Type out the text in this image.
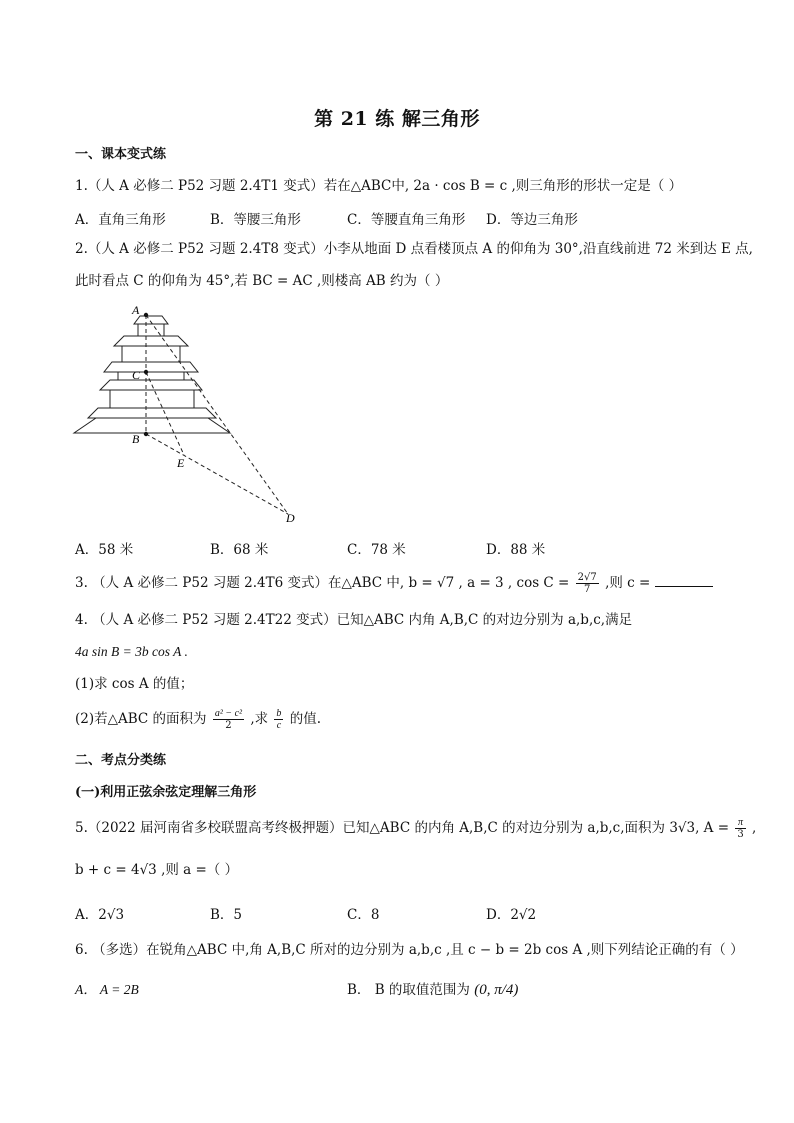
第 21 练 解三角形
一、课本变式练
1.（人 A 必修二 P52 习题 2.4T1 变式）若在△ABC中, 2a · cos B = c ,则三角形的形状一定是（ ）
A．直角三角形	B．等腰三角形	C．等腰直角三角形 D．等边三角形
2.（人 A 必修二 P52 习题 2.4T8 变式）小李从地面 D 点看楼顶点 A 的仰角为 30°,沿直线前进 72 米到达 E 点,
此时看点 C 的仰角为 45°,若 BC = AC ,则楼高 AB 约为（ ）
A
C
B
E
D
A．58 米	B．68 米	C．78 米	D．88 米
3. （人 A 必修二 P52 习题 2.4T6 变式）在△ABC 中, b = √7 , a = 3 , $\cos C = \frac{2√7}{7}$ ,则 c =
4. （人 A 必修二 P52 习题 2.4T22 变式）已知△ABC 内角 A,B,C 的对边分别为 a,b,c,满足
4a sin B = 3b cos A .
(1)求 cos A 的值；
(2)若△ABC 的面积为 $\frac{\text{a² − c²}}{2}$ ,求 $\frac{b}{c}$ 的值.
二、考点分类练
(一)利用正弦余弦定理解三角形
5.（2022 届河南省多校联盟高考终极押题）已知△ABC 的内角 A,B,C 的对边分别为 a,b,c,面积为 3√3, $A = \frac{\pi}{3}$ ,
b + c = 4√3 ,则 a =（ ）
A．2√3	B．5	C．8	D．2√2
6. （多选）在锐角△ABC 中,角 A,B,C 所对的边分别为 a,b,c ,且 c − b = 2b cos A ,则下列结论正确的有（ ）
A． A = 2B	B． B 的取值范围为 (0, π/4)
